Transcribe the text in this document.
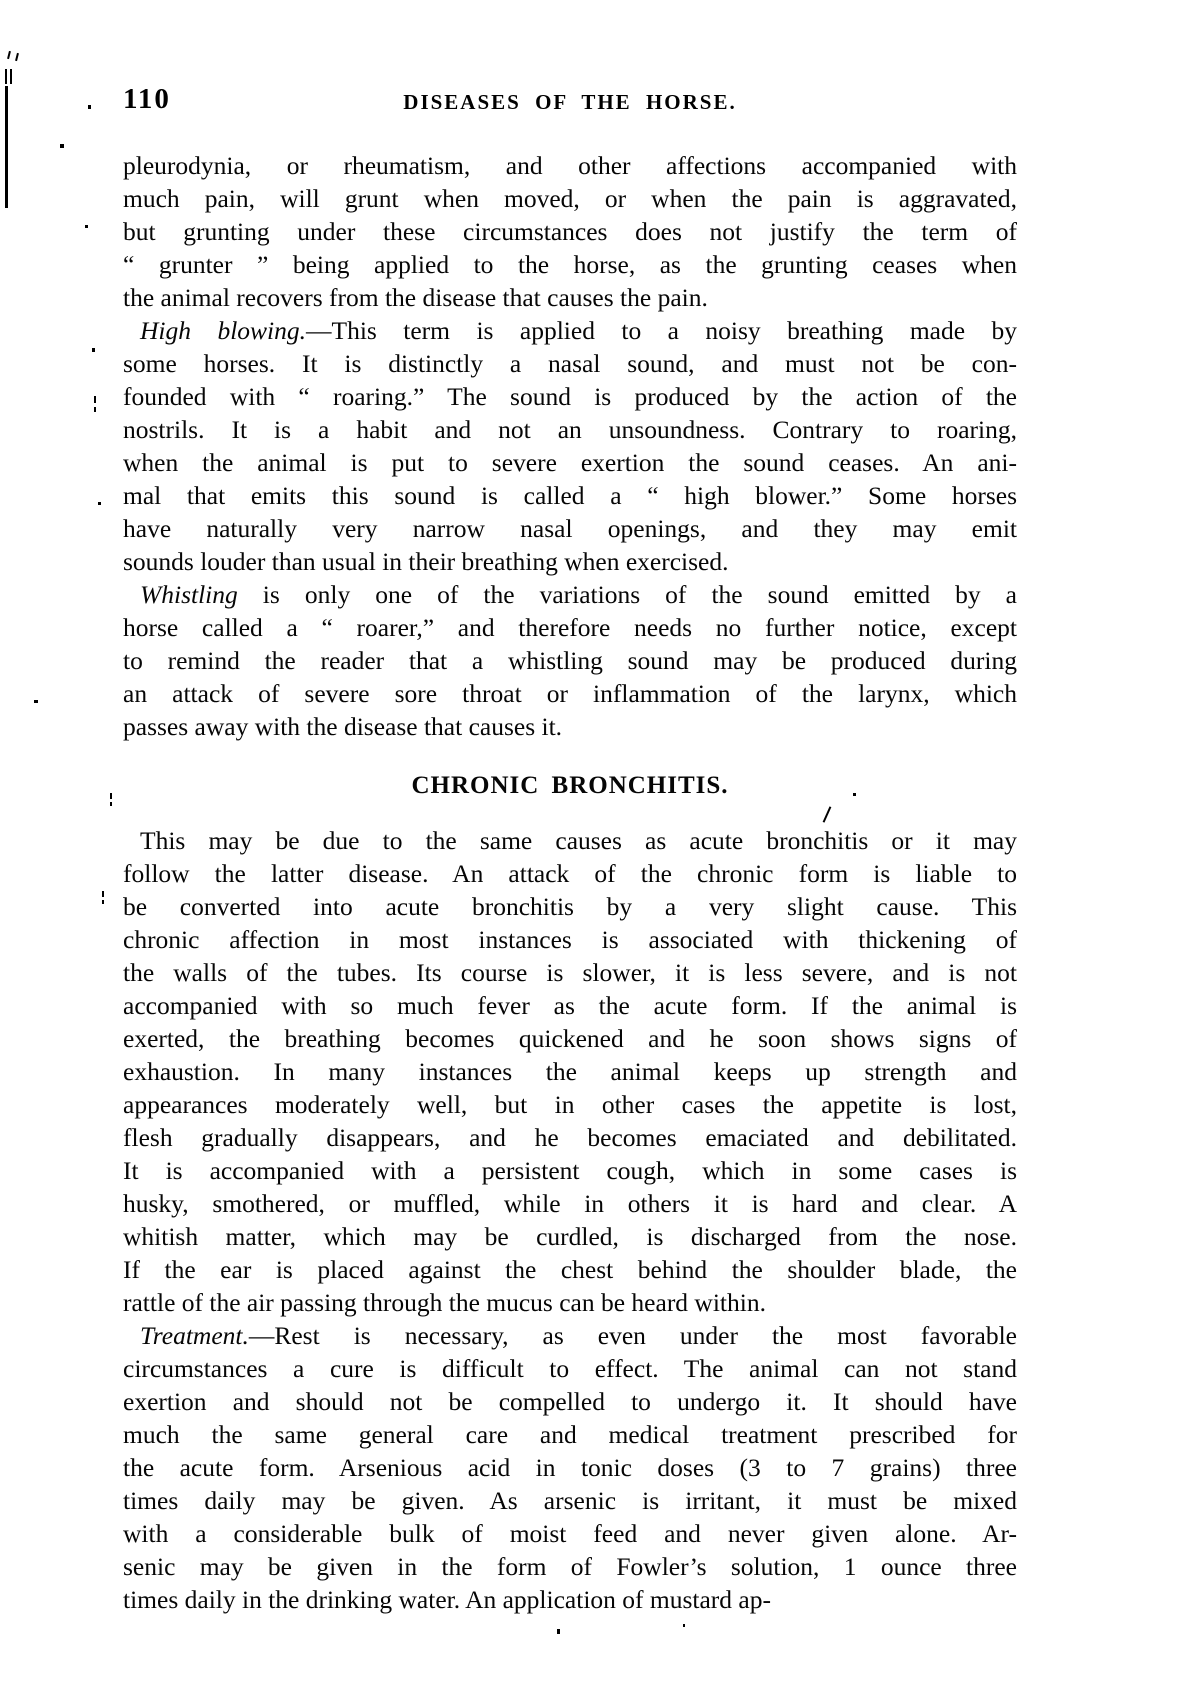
110	DISEASES OF THE HORSE.
pleurodynia, or rheumatism, and other affections accompanied with
much pain, will grunt when moved, or when the pain is aggravated,
but grunting under these circumstances does not justify the term of
“ grunter ” being applied to the horse, as the grunting ceases when
the animal recovers from the disease that causes the pain.
High blowing.—This term is applied to a noisy breathing made by
some horses. It is distinctly a nasal sound, and must not be con-
founded with “ roaring.” The sound is produced by the action of the
nostrils. It is a habit and not an unsoundness. Contrary to roaring,
when the animal is put to severe exertion the sound ceases. An ani-
mal that emits this sound is called a “ high blower.” Some horses
have naturally very narrow nasal openings, and they may emit
sounds louder than usual in their breathing when exercised.
Whistling is only one of the variations of the sound emitted by a
horse called a “ roarer,” and therefore needs no further notice, except
to remind the reader that a whistling sound may be produced during
an attack of severe sore throat or inflammation of the larynx, which
passes away with the disease that causes it.
CHRONIC BRONCHITIS.
This may be due to the same causes as acute bronchitis or it may
follow the latter disease. An attack of the chronic form is liable to
be converted into acute bronchitis by a very slight cause. This
chronic affection in most instances is associated with thickening of
the walls of the tubes. Its course is slower, it is less severe, and is not
accompanied with so much fever as the acute form. If the animal is
exerted, the breathing becomes quickened and he soon shows signs of
exhaustion. In many instances the animal keeps up strength and
appearances moderately well, but in other cases the appetite is lost,
flesh gradually disappears, and he becomes emaciated and debilitated.
It is accompanied with a persistent cough, which in some cases is
husky, smothered, or muffled, while in others it is hard and clear. A
whitish matter, which may be curdled, is discharged from the nose.
If the ear is placed against the chest behind the shoulder blade, the
rattle of the air passing through the mucus can be heard within.
Treatment.—Rest is necessary, as even under the most favorable
circumstances a cure is difficult to effect. The animal can not stand
exertion and should not be compelled to undergo it. It should have
much the same general care and medical treatment prescribed for
the acute form. Arsenious acid in tonic doses (3 to 7 grains) three
times daily may be given. As arsenic is irritant, it must be mixed
with a considerable bulk of moist feed and never given alone. Ar-
senic may be given in the form of Fowler’s solution, 1 ounce three
times daily in the drinking water. An application of mustard ap-
